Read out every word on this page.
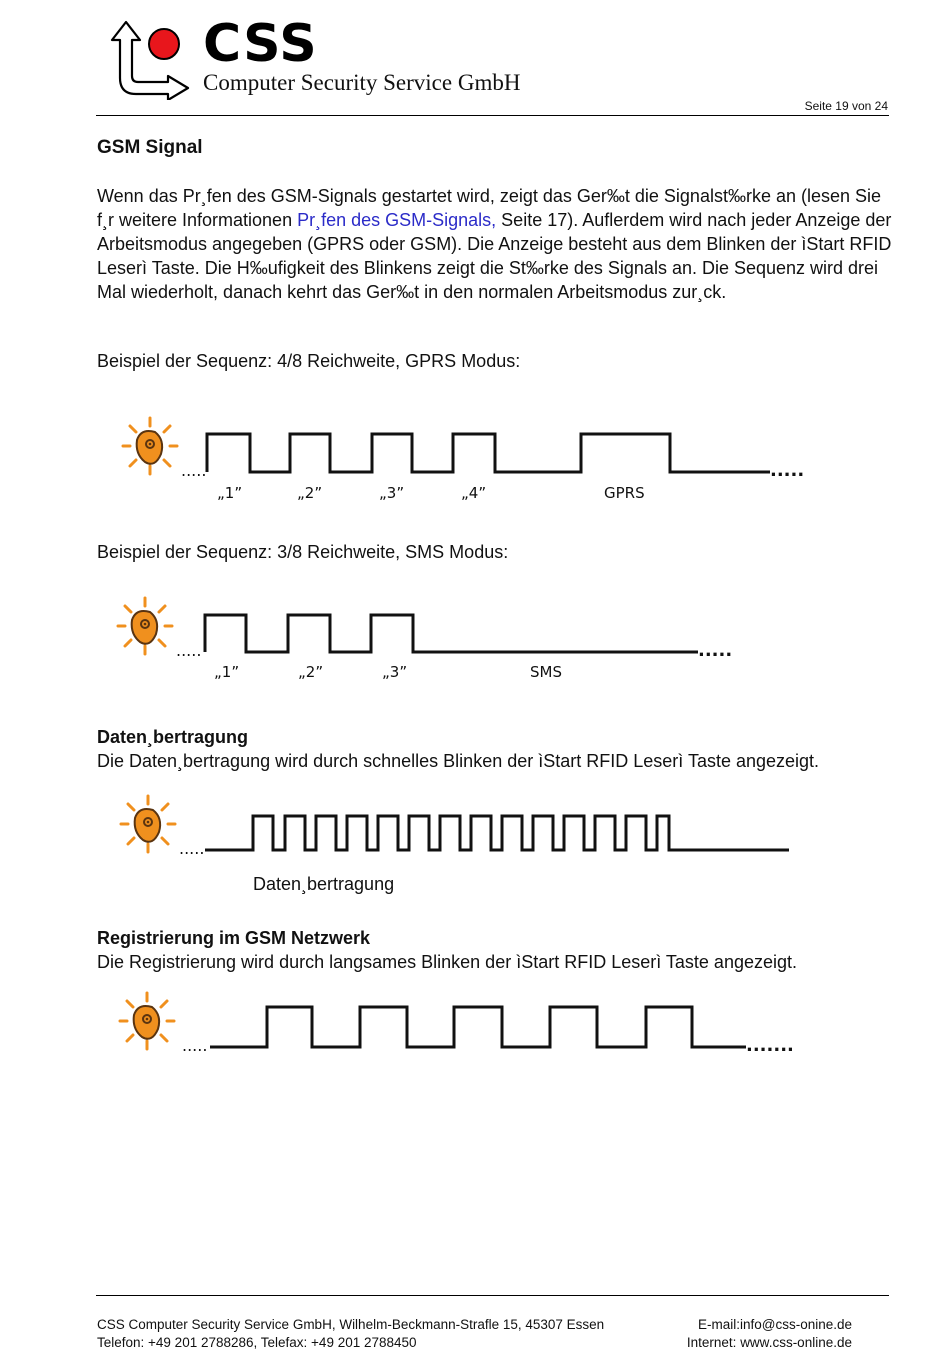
CSS
Computer Security Service GmbH
Seite 19 von 24
GSM Signal
Wenn das Pr¸fen des GSM-Signals gestartet wird, zeigt das Ger‰t die Signalst‰rke an (lesen Sie f¸r weitere Informationen Pr¸fen des GSM-Signals, Seite 17). Auflerdem wird nach jeder Anzeige der Arbeitsmodus angegeben (GPRS oder GSM). Die Anzeige besteht aus dem Blinken der ìStart RFID Leserì Taste. Die H‰ufigkeit des Blinkens zeigt die St‰rke des Signals an. Die Sequenz wird drei Mal wiederholt, danach kehrt das Ger‰t in den normalen Arbeitsmodus zur¸ck.
Beispiel der Sequenz: 4/8 Reichweite, GPRS Modus:
.....	.....
„1”	„2”	„3”	„4”	GPRS
Beispiel der Sequenz: 3/8 Reichweite, SMS Modus:
.....	.....
„1”	„2”	„3”	SMS
Daten¸bertragung
Die Daten¸bertragung wird durch schnelles Blinken der ìStart RFID Leserì Taste angezeigt.
.....
Daten¸bertragung
Registrierung im GSM Netzwerk
Die Registrierung wird durch langsames Blinken der ìStart RFID Leserì Taste angezeigt.
.....	.......
CSS Computer Security Service GmbH, Wilhelm-Beckmann-Strafle 15, 45307 Essen
Telefon: +49 201 2788286, Telefax: +49 201 2788450
E-mail:info@css-onine.de
Internet: www.css-online.de
